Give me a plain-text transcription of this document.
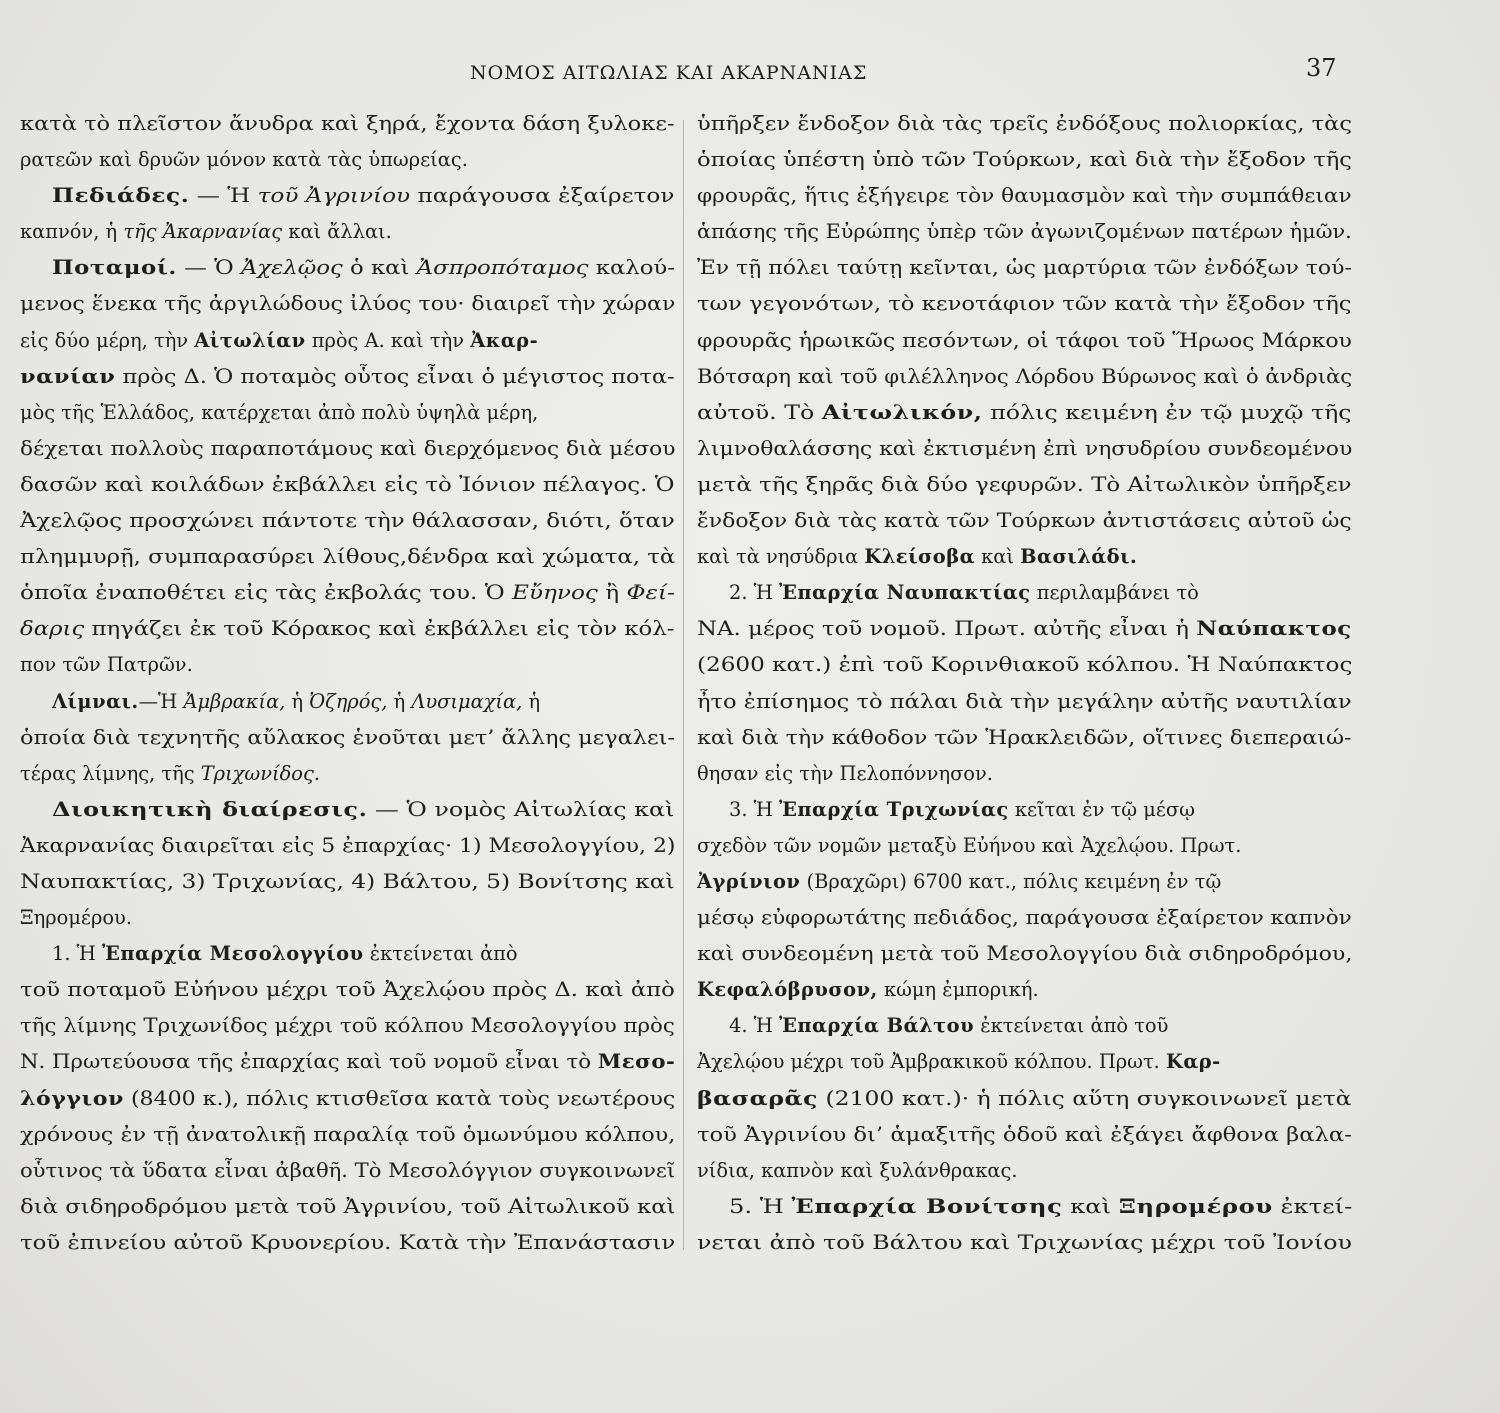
ΝΟΜΟΣ ΑΙΤΩΛΙΑΣ ΚΑΙ ΑΚΑΡΝΑΝΙΑΣ	37
κατὰ τὸ πλεῖστον ἄνυδρα καὶ ξηρά, ἔχοντα δάση ξυλοκε-
ρατεῶν καὶ δρυῶν μόνον κατὰ τὰς ὑπωρείας.
Πεδιάδες. — Ἡ τοῦ Ἀγρινίου παράγουσα ἐξαίρετον
καπνόν, ἡ τῆς Ἀκαρνανίας καὶ ἄλλαι.
Ποταμοί. — Ὁ Ἀχελῷος ὁ καὶ Ἀσπροπόταμος καλού-
μενος ἕνεκα τῆς ἀργιλώδους ἰλύος του· διαιρεῖ τὴν χώραν
εἰς δύο μέρη, τὴν Αἰτωλίαν πρὸς Α. καὶ τὴν Ἀκαρ-
νανίαν πρὸς Δ. Ὁ ποταμὸς οὗτος εἶναι ὁ μέγιστος ποτα-
μὸς τῆς Ἑλλάδος, κατέρχεται ἀπὸ πολὺ ὑψηλὰ μέρη,
δέχεται πολλοὺς παραποτάμους καὶ διερχόμενος διὰ μέσου
δασῶν καὶ κοιλάδων ἐκβάλλει εἰς τὸ Ἰόνιον πέλαγος. Ὁ
Ἀχελῷος προσχώνει πάντοτε τὴν θάλασσαν, διότι, ὅταν
πλημμυρῇ, συμπαρασύρει λίθους,δένδρα καὶ χώματα, τὰ
ὁποῖα ἐναποθέτει εἰς τὰς ἐκβολάς του. Ὁ Εὔηνος ἢ Φεί-
δαρις πηγάζει ἐκ τοῦ Κόρακος καὶ ἐκβάλλει εἰς τὸν κόλ-
πον τῶν Πατρῶν.
Λίμναι.—Ἡ Ἀμβρακία, ἡ Ὀζηρός, ἡ Λυσιμαχία, ἡ
ὁποία διὰ τεχνητῆς αὔλακος ἑνοῦται μετ’ ἄλλης μεγαλει-
τέρας λίμνης, τῆς Τριχωνίδος.
Διοικητικὴ διαίρεσις. — Ὁ νομὸς Αἰτωλίας καὶ
Ἀκαρνανίας διαιρεῖται εἰς 5 ἐπαρχίας· 1) Μεσολογγίου, 2)
Ναυπακτίας, 3) Τριχωνίας, 4) Βάλτου, 5) Βονίτσης καὶ
Ξηρομέρου.
1. Ἡ Ἐπαρχία Μεσολογγίου ἐκτείνεται ἀπὸ
τοῦ ποταμοῦ Εὐήνου μέχρι τοῦ Ἀχελῴου πρὸς Δ. καὶ ἀπὸ
τῆς λίμνης Τριχωνίδος μέχρι τοῦ κόλπου Μεσολογγίου πρὸς
Ν. Πρωτεύουσα τῆς ἐπαρχίας καὶ τοῦ νομοῦ εἶναι τὸ Μεσο-
λόγγιον (8400 κ.), πόλις κτισθεῖσα κατὰ τοὺς νεωτέρους
χρόνους ἐν τῇ ἀνατολικῇ παραλίᾳ τοῦ ὁμωνύμου κόλπου,
οὗτινος τὰ ὕδατα εἶναι ἀβαθῆ. Τὸ Μεσολόγγιον συγκοινωνεῖ
διὰ σιδηροδρόμου μετὰ τοῦ Ἀγρινίου, τοῦ Αἰτωλικοῦ καὶ
τοῦ ἐπινείου αὐτοῦ Κρυονερίου. Κατὰ τὴν Ἐπανάστασιν
ὑπῆρξεν ἔνδοξον διὰ τὰς τρεῖς ἐνδόξους πολιορκίας, τὰς
ὁποίας ὑπέστη ὑπὸ τῶν Τούρκων, καὶ διὰ τὴν ἔξοδον τῆς
φρουρᾶς, ἥτις ἐξήγειρε τὸν θαυμασμὸν καὶ τὴν συμπάθειαν
ἁπάσης τῆς Εὐρώπης ὑπὲρ τῶν ἀγωνιζομένων πατέρων ἡμῶν.
Ἐν τῇ πόλει ταύτῃ κεῖνται, ὡς μαρτύρια τῶν ἐνδόξων τού-
των γεγονότων, τὸ κενοτάφιον τῶν κατὰ τὴν ἔξοδον τῆς
φρουρᾶς ἡρωικῶς πεσόντων, οἱ τάφοι τοῦ Ἥρωος Μάρκου
Βότσαρη καὶ τοῦ φιλέλληνος Λόρδου Βύρωνος καὶ ὁ ἀνδριὰς
αὐτοῦ. Τὸ Αἰτωλικόν, πόλις κειμένη ἐν τῷ μυχῷ τῆς
λιμνοθαλάσσης καὶ ἐκτισμένη ἐπὶ νησυδρίου συνδεομένου
μετὰ τῆς ξηρᾶς διὰ δύο γεφυρῶν. Τὸ Αἰτωλικὸν ὑπῆρξεν
ἔνδοξον διὰ τὰς κατὰ τῶν Τούρκων ἀντιστάσεις αὐτοῦ ὡς
καὶ τὰ νησύδρια Κλείσοβα καὶ Βασιλάδι.
2. Ἡ Ἐπαρχία Ναυπακτίας περιλαμβάνει τὸ
ΝΑ. μέρος τοῦ νομοῦ. Πρωτ. αὐτῆς εἶναι ἡ Ναύπακτος
(2600 κατ.) ἐπὶ τοῦ Κορινθιακοῦ κόλπου. Ἡ Ναύπακτος
ἦτο ἐπίσημος τὸ πάλαι διὰ τὴν μεγάλην αὐτῆς ναυτιλίαν
καὶ διὰ τὴν κάθοδον τῶν Ἡρακλειδῶν, οἵτινες διεπεραιώ-
θησαν εἰς τὴν Πελοπόννησον.
3. Ἡ Ἐπαρχία Τριχωνίας κεῖται ἐν τῷ μέσῳ
σχεδὸν τῶν νομῶν μεταξὺ Εὐήνου καὶ Ἀχελῴου. Πρωτ.
Ἀγρίνιον (Βραχῶρι) 6700 κατ., πόλις κειμένη ἐν τῷ
μέσῳ εὐφορωτάτης πεδιάδος, παράγουσα ἐξαίρετον καπνὸν
καὶ συνδεομένη μετὰ τοῦ Μεσολογγίου διὰ σιδηροδρόμου,
Κεφαλόβρυσον, κώμη ἐμπορική.
4. Ἡ Ἐπαρχία Βάλτου ἐκτείνεται ἀπὸ τοῦ
Ἀχελῴου μέχρι τοῦ Ἀμβρακικοῦ κόλπου. Πρωτ. Καρ-
βασαρᾶς (2100 κατ.)· ἡ πόλις αὕτη συγκοινωνεῖ μετὰ
τοῦ Ἀγρινίου δι’ ἁμαξιτῆς ὁδοῦ καὶ ἐξάγει ἄφθονα βαλα-
νίδια, καπνὸν καὶ ξυλάνθρακας.
5. Ἡ Ἐπαρχία Βονίτσης καὶ Ξηρομέρου ἐκτεί-
νεται ἀπὸ τοῦ Βάλτου καὶ Τριχωνίας μέχρι τοῦ Ἰονίου
